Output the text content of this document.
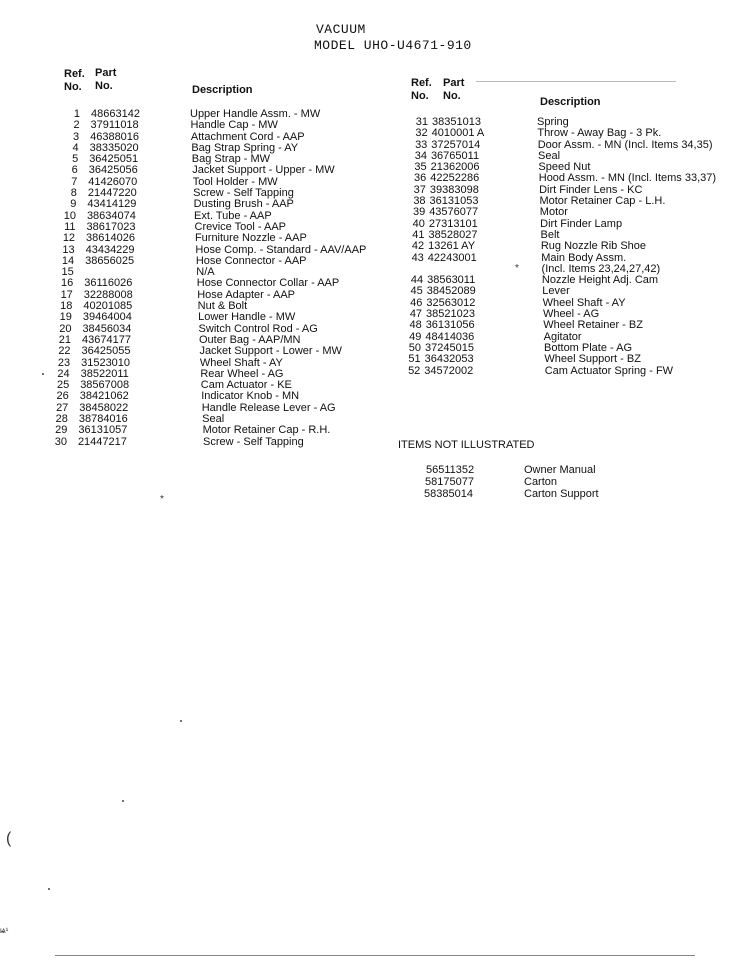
VACUUM
MODEL UHO-U4671-910
Ref.
No.
Part
No.	Description
Ref.
No.
Part
No.	Description
1 48663142	Upper Handle Assm. - MW
2 37911018	Handle Cap - MW
3 46388016	Attachment Cord - AAP
4 38335020	Bag Strap Spring - AY
5 36425051	Bag Strap - MW
6 36425056	Jacket Support - Upper - MW
7 41426070	Tool Holder - MW
8 21447220	Screw - Self Tapping
9 43414129	Dusting Brush - AAP
10 38634074	Ext. Tube - AAP
11 38617023	Crevice Tool - AAP
12 38614026	Furniture Nozzle - AAP
13 43434229	Hose Comp. - Standard - AAV/AAP
14 38656025	Hose Connector - AAP
15	N/A
16 36116026	Hose Connector Collar - AAP
17 32288008	Hose Adapter - AAP
18 40201085	Nut & Bolt
19 39464004	Lower Handle - MW
20 38456034	Switch Control Rod - AG
21 43674177	Outer Bag - AAP/MN
22 36425055	Jacket Support - Lower - MW
23 31523010	Wheel Shaft - AY
24 38522011	Rear Wheel - AG
25 38567008	Cam Actuator - KE
26 38421062	Indicator Knob - MN
27 38458022	Handle Release Lever - AG
28 38784016	Seal
29 36131057	Motor Retainer Cap - R.H.
30 21447217	Screw - Self Tapping
31 38351013	Spring
32 4010001 A	Throw - Away Bag - 3 Pk.
33 37257014	Door Assm. - MN (Incl. Items 34,35)
34 36765011	Seal
35 21362006	Speed Nut
36 42252286	Hood Assm. - MN (Incl. Items 33,37)
37 39383098	Dirt Finder Lens - KC
38 36131053	Motor Retainer Cap - L.H.
39 43576077	Motor
40 27313101	Dirt Finder Lamp
41 38528027	Belt
42 13261 AY	Rug Nozzle Rib Shoe
43 42243001	Main Body Assm.
(Incl. Items 23,24,27,42)
44 38563011	Nozzle Height Adj. Cam
45 38452089	Lever
46 32563012	Wheel Shaft - AY
47 38521023	Wheel - AG
48 36131056	Wheel Retainer - BZ
49 48414036	Agitator
50 37245015	Bottom Plate - AG
51 36432053	Wheel Support - BZ
52 34572002	Cam Actuator Spring - FW
ITEMS NOT ILLUSTRATED
56511352	Owner Manual
58175077	Carton
58385014	Carton Support
*
*
(
ѩ¹
